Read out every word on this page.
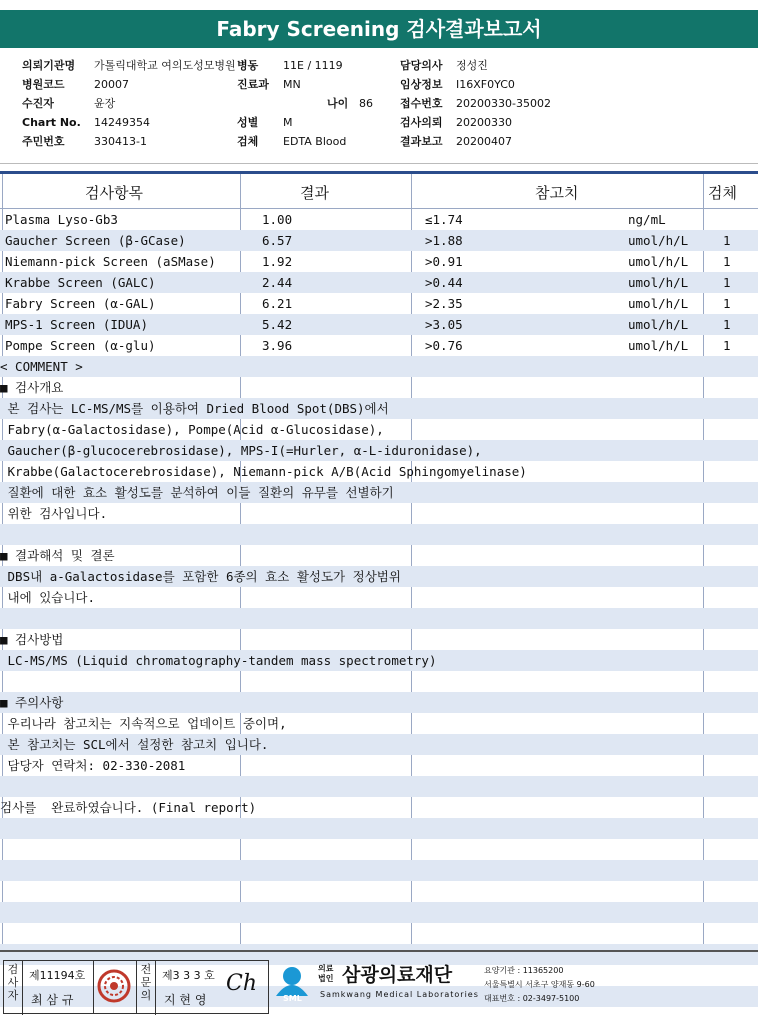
Fabry Screening 검사결과보고서
의뢰기관명 가톨릭대학교 여의도성모병원
병원코드	20007
수진자	윤장
Chart No. 14249354
주민번호	330413-1
병동 11E / 1119
진료과 MN
성별 M
검체 EDTA Blood
담당의사 정성진
임상정보 I16XF0YC0
접수번호 20200330-35002
검사의뢰 20200330
결과보고 20200407
나이 86
검사항목	결과	참고치	검체
Plasma Lyso-Gb3	1.00	≤1.74	ng/mL
Gaucher Screen (β-GCase)	6.57	>1.88	umol/h/L	1
Niemann-pick Screen (aSMase)	1.92	>0.91	umol/h/L	1
Krabbe Screen (GALC)	2.44	>0.44	umol/h/L	1
Fabry Screen (α-GAL)	6.21	>2.35	umol/h/L	1
MPS-1 Screen (IDUA)	5.42	>3.05	umol/h/L	1
Pompe Screen (α-glu)	3.96	>0.76	umol/h/L	1
< COMMENT >
■ 검사개요
본 검사는 LC-MS/MS를 이용하여 Dried Blood Spot(DBS)에서
Fabry(α-Galactosidase), Pompe(Acid α-Glucosidase),
Gaucher(β-glucocerebrosidase), MPS-I(=Hurler, α-L-iduronidase),
Krabbe(Galactocerebrosidase), Niemann-pick A/B(Acid Sphingomyelinase)
질환에 대한 효소 활성도를 분석하여 이들 질환의 유무를 선별하기
위한 검사입니다.
■ 결과해석 및 결론
DBS내 a-Galactosidase를 포함한 6종의 효소 활성도가 정상범위
내에 있습니다.
■ 검사방법
LC-MS/MS (Liquid chromatography-tandem mass spectrometry)
■ 주의사항
우리나라 참고치는 지속적으로 업데이트 중이며,
본 참고치는 SCL에서 설정한 참고치 입니다.
담당자 연락처: 02-330-2081
검사를  완료하였습니다. (Final report)
검
사
자
제11194호
최 삼 규
전
문
의
제3 3 3 호
지 현 영
Ch
SML
의료
법인 삼광의료재단
Samkwang Medical Laboratories
요양기관 : 11365200
서울특별시 서초구 양재동 9-60
대표번호 : 02-3497-5100
